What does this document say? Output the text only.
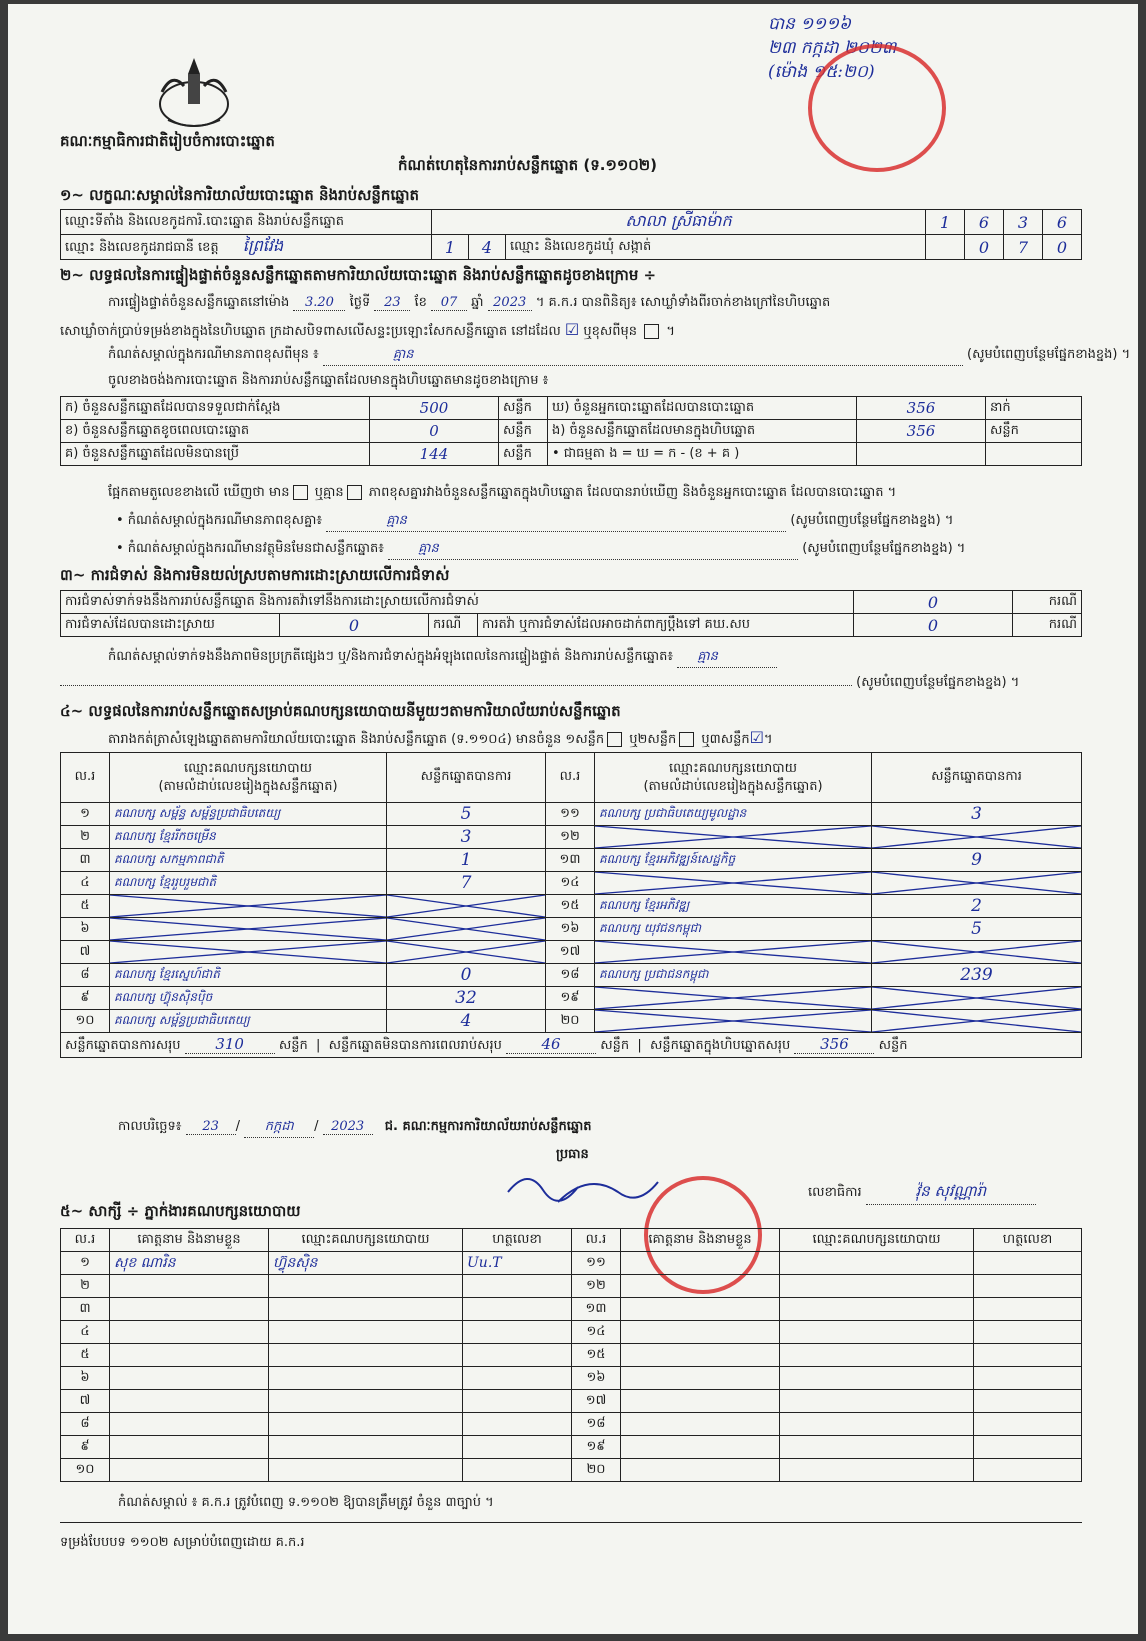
គណៈកម្មាធិការជាតិរៀបចំការបោះឆ្នោត
បាន ១១១៦
២៣ កក្កដា ២០២៣
(ម៉ោង ១៥:២០)
កំណត់ហេតុនៃការរាប់សន្លឹកឆ្នោត (ទ.១១០២)
១~ លក្ខណៈសម្គាល់នៃការិយាល័យបោះឆ្នោត និងរាប់សន្លឹកឆ្នោត
ឈ្មោះទីតាំង និងលេខកូដការិ.បោះឆ្នោត និងរាប់សន្លឹកឆ្នោត	សាលា ស្រីធាម៉ាក			1	6	3	6
ឈ្មោះ និងលេខកូដរាជធានី ខេត្ត ព្រៃវែង	1	4	ឈ្មោះ និងលេខកូដឃុំ សង្កាត់		0	7	0
២~ លទ្ធផលនៃការផ្ទៀងផ្ទាត់ចំនួនសន្លឹកឆ្នោតតាមការិយាល័យបោះឆ្នោត និងរាប់សន្លឹកឆ្នោតដូចខាងក្រោម ÷
ការផ្ទៀងផ្ទាត់ចំនួនសន្លឹកឆ្នោតនៅម៉ោង 3.20 ថ្ងៃទី 23 ខែ 07 ឆ្នាំ 2023 ។ គ.ក.រ បានពិនិត្យ៖ សោឃ្លាំទាំងពីរចាក់ខាងក្រៅនៃហិបឆ្នោត
សោឃ្លាំចាក់ប្រាប់ទម្រង់ខាងក្នុងនៃហិបឆ្នោត ក្រដាសបិទពាសលើសន្ទះប្រឡោះសែកសន្លឹកឆ្នោត នៅដដែល ☑ ឬខុសពីមុន  ។
កំណត់សម្គាល់ក្នុងករណីមានភាពខុសពីមុន ៖	គ្មាន	(សូមបំពេញបន្ថែមផ្នែកខាងខ្នង) ។
ចូលខាងចង់ងការបោះឆ្នោត និងការរាប់សន្លឹកឆ្នោតដែលមានក្នុងហិបឆ្នោតមានដូចខាងក្រោម ៖
ក) ចំនួនសន្លឹកឆ្នោតដែលបានទទួលជាក់ស្តែង	500	សន្លឹក	ឃ) ចំនួនអ្នកបោះឆ្នោតដែលបានបោះឆ្នោត	356	នាក់
ខ) ចំនួនសន្លឹកឆ្នោតខូចពេលបោះឆ្នោត	0	សន្លឹក	ង) ចំនួនសន្លឹកឆ្នោតដែលមានក្នុងហិបឆ្នោត	356	សន្លឹក
គ) ចំនួនសន្លឹកឆ្នោតដែលមិនបានប្រើ	144	សន្លឹក	• ជាធម្មតា ង = ឃ = ក - (ខ + គ )		
ផ្អែកតាមតួលេខខាងលើ ឃើញថា មាន ឬគ្មាន ភាពខុសគ្នារវាងចំនួនសន្លឹកឆ្នោតក្នុងហិបឆ្នោត ដែលបានរាប់ឃើញ និងចំនួនអ្នកបោះឆ្នោត ដែលបានបោះឆ្នោត ។
• កំណត់សម្គាល់ក្នុងករណីមានភាពខុសគ្នា៖	គ្មាន	(សូមបំពេញបន្ថែមផ្នែកខាងខ្នង) ។
• កំណត់សម្គាល់ក្នុងករណីមានវត្ថុមិនមែនជាសន្លឹកឆ្នោត៖	គ្មាន	(សូមបំពេញបន្ថែមផ្នែកខាងខ្នង) ។
៣~ ការជំទាស់ និងការមិនយល់ស្របតាមការដោះស្រាយលើការជំទាស់
ការជំទាស់ទាក់ទងនឹងការរាប់សន្លឹកឆ្នោត និងការតវ៉ាទៅនឹងការដោះស្រាយលើការជំទាស់				0	ករណី
ការជំទាស់ដែលបានដោះស្រាយ	0	ករណី	ការតវ៉ា ឬការជំទាស់ដែលអាចដាក់ពាក្យប្តឹងទៅ គឃ.សប	0	ករណី
កំណត់សម្គាល់ទាក់ទងនឹងភាពមិនប្រក្រតីផ្សេងៗ ឬ/និងការជំទាស់ក្នុងអំឡុងពេលនៃការផ្ទៀងផ្ទាត់ និងការរាប់សន្លឹកឆ្នោត៖ គ្មាន
(សូមបំពេញបន្ថែមផ្នែកខាងខ្នង) ។
៤~ លទ្ធផលនៃការរាប់សន្លឹកឆ្នោតសម្រាប់គណបក្សនយោបាយនីមួយៗតាមការិយាល័យរាប់សន្លឹកឆ្នោត
តារាងកត់ត្រាសំឡេងឆ្នោតតាមការិយាល័យបោះឆ្នោត និងរាប់សន្លឹកឆ្នោត (ទ.១១០៤) មានចំនួន ១សន្លឹក ឬ២សន្លឹក ឬ៣សន្លឹក☑។
ល.រ	ឈ្មោះគណបក្សនយោបាយ
(តាមលំដាប់លេខរៀងក្នុងសន្លឹកឆ្នោត)	សន្លឹកឆ្នោតបានការ	ល.រ	ឈ្មោះគណបក្សនយោបាយ
(តាមលំដាប់លេខរៀងក្នុងសន្លឹកឆ្នោត)	សន្លឹកឆ្នោតបានការ
១	គណបក្ស សម្ព័ន្ធ សម្ព័ន្ធប្រជាធិបតេយ្យ	5	១១	គណបក្ស ប្រជាធិបតេយ្យមូលដ្ឋាន	3
២	គណបក្ស ខ្មែររីកចម្រើន	3	១២	

៣	គណបក្ស សកម្មភាពជាតិ	1	១៣	គណបក្ស ខ្មែរអភិវឌ្ឍន៍សេដ្ឋកិច្ច	9
៤	គណបក្ស ខ្មែររួបរួមជាតិ	7	១៤	

៥			១៥	គណបក្ស ខ្មែរអភិវឌ្ឍ	2
៦			១៦	គណបក្ស យុវជនកម្ពុជា	5
៧			១៧	

៨	គណបក្ស ខ្មែរស្នេហ៍ជាតិ	0	១៨	គណបក្ស ប្រជាជនកម្ពុជា	239
៩	គណបក្ស ហ៊្វុនស៊ិនប៉ិច	32	១៩	

១០	គណបក្ស សម្ព័ន្ធប្រជាធិបតេយ្យ	4	២០	

សន្លឹកឆ្នោតបានការសរុប 310 សន្លឹក  |  សន្លឹកឆ្នោតមិនបានការពេលរាប់សរុប 46 សន្លឹក  |  សន្លឹកឆ្នោតក្នុងហិបឆ្នោតសរុប 356 សន្លឹក					
កាលបរិច្ឆេទ៖ 23 / កក្កដា / 2023 ជ. គណៈកម្មការការិយាល័យរាប់សន្លឹកឆ្នោត
ប្រធាន
លេខាធិការ	វ៉ុន សុវណ្ណារ៉ា
៥~ សាក្សី ÷ ភ្នាក់ងារគណបក្សនយោបាយ
ល.រ	គោត្តនាម និងនាមខ្លួន	ឈ្មោះគណបក្សនយោបាយ	ហត្ថលេខា	ល.រ	គោត្តនាម និងនាមខ្លួន	ឈ្មោះគណបក្សនយោបាយ	ហត្ថលេខា
១	សុខ ណារិន	ហ៊្វុនស៊ិន	Uu.T	១១			
២				១២			
៣				១៣			
៤				១៤			
៥				១៥			
៦				១៦			
៧				១៧			
៨				១៨			
៩				១៩			
១០				២០			
កំណត់សម្គាល់ ៖ គ.ក.រ ត្រូវបំពេញ ទ.១១០២ ឱ្យបានត្រឹមត្រូវ ចំនួន ៣ច្បាប់ ។
ទម្រង់បែបបទ ១១០២ សម្រាប់បំពេញដោយ គ.ក.រ
